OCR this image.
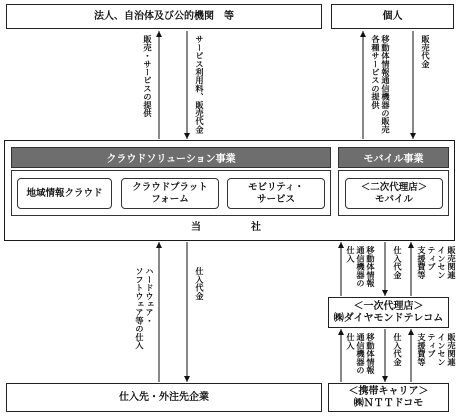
法人、自治体及び公的機関　等	個人
クラウドソリューション事業	モバイル事業
地域情報クラウド
クラウドプラット
フォーム
モビリティ・
サービス
＜二次代理店＞
モバイル
当社
仕入先・外注先企業
＜一次代理店＞
㈱ダイヤモンドテレコム
＜携帯キャリア＞
㈱ＮＴＴドコモ
販売・サービスの提供	サービス利用料、販売代金	移動体情報通信機器の販売
各種サービスの提供	販売代金
ハードウェア・
ソフトウェア等の仕入	仕入代金	移動体情報
通信機器の
仕入	仕入代金	販売関連
インセン
ティブ
支援費等
移動体情報
通信機器の
仕入	仕入代金	販売関連
インセン
ティブ
支援費等
